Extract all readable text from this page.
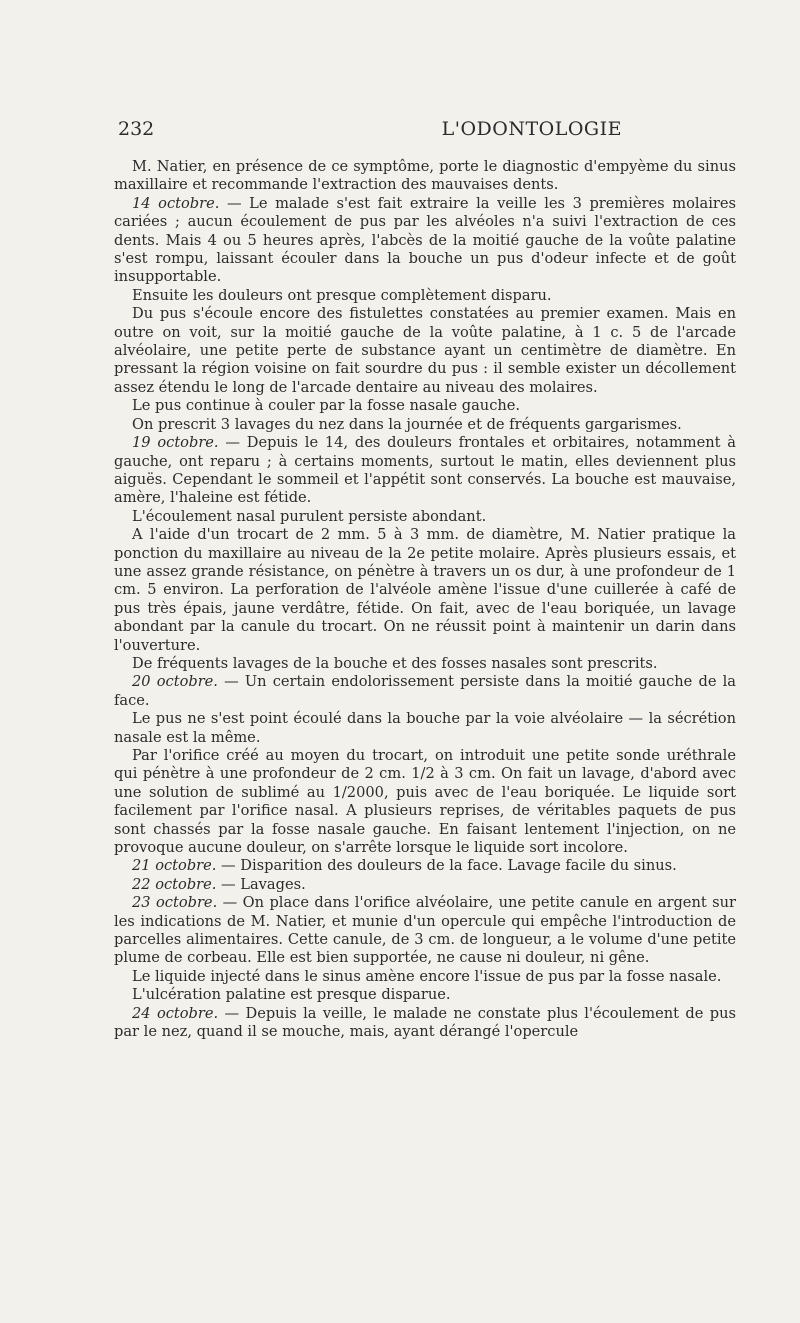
232	L'ODONTOLOGIE

M. Natier, en présence de ce symptôme, porte le diagnostic d'empyème du sinus maxillaire et recommande l'extraction des mauvaises dents.

14 octobre. — Le malade s'est fait extraire la veille les 3 premières molaires cariées ; aucun écoulement de pus par les alvéoles n'a suivi l'extraction de ces dents. Mais 4 ou 5 heures après, l'abcès de la moitié gauche de la voûte palatine s'est rompu, laissant écouler dans la bouche un pus d'odeur infecte et de goût insupportable.

Ensuite les douleurs ont presque complètement disparu.

Du pus s'écoule encore des fistulettes constatées au premier examen. Mais en outre on voit, sur la moitié gauche de la voûte palatine, à 1 c. 5 de l'arcade alvéolaire, une petite perte de substance ayant un centimètre de diamètre. En pressant la région voisine on fait sourdre du pus : il semble exister un décollement assez étendu le long de l'arcade dentaire au niveau des molaires.

Le pus continue à couler par la fosse nasale gauche.

On prescrit 3 lavages du nez dans la journée et de fréquents gargarismes.

19 octobre. — Depuis le 14, des douleurs frontales et orbitaires, notamment à gauche, ont reparu ; à certains moments, surtout le matin, elles deviennent plus aiguës. Cependant le sommeil et l'appétit sont conservés. La bouche est mauvaise, amère, l'haleine est fétide.

L'écoulement nasal purulent persiste abondant.

A l'aide d'un trocart de 2 mm. 5 à 3 mm. de diamètre, M. Natier pratique la ponction du maxillaire au niveau de la 2e petite molaire. Après plusieurs essais, et une assez grande résistance, on pénètre à travers un os dur, à une profondeur de 1 cm. 5 environ. La perforation de l'alvéole amène l'issue d'une cuillerée à café de pus très épais, jaune verdâtre, fétide. On fait, avec de l'eau boriquée, un lavage abondant par la canule du trocart. On ne réussit point à maintenir un darin dans l'ouverture.

De fréquents lavages de la bouche et des fosses nasales sont prescrits.

20 octobre. — Un certain endolorissement persiste dans la moitié gauche de la face.

Le pus ne s'est point écoulé dans la bouche par la voie alvéolaire — la sécrétion nasale est la même.

Par l'orifice créé au moyen du trocart, on introduit une petite sonde uréthrale qui pénètre à une profondeur de 2 cm. 1/2 à 3 cm. On fait un lavage, d'abord avec une solution de sublimé au 1/2000, puis avec de l'eau boriquée. Le liquide sort facilement par l'orifice nasal. A plusieurs reprises, de véritables paquets de pus sont chassés par la fosse nasale gauche. En faisant lentement l'injection, on ne provoque aucune douleur, on s'arrête lorsque le liquide sort incolore.

21 octobre. — Disparition des douleurs de la face. Lavage facile du sinus.

22 octobre. — Lavages.

23 octobre. — On place dans l'orifice alvéolaire, une petite canule en argent sur les indications de M. Natier, et munie d'un opercule qui empêche l'introduction de parcelles alimentaires. Cette canule, de 3 cm. de longueur, a le volume d'une petite plume de corbeau. Elle est bien supportée, ne cause ni douleur, ni gêne.

Le liquide injecté dans le sinus amène encore l'issue de pus par la fosse nasale.

L'ulcération palatine est presque disparue.

24 octobre. — Depuis la veille, le malade ne constate plus l'écoulement de pus par le nez, quand il se mouche, mais, ayant dérangé l'opercule
